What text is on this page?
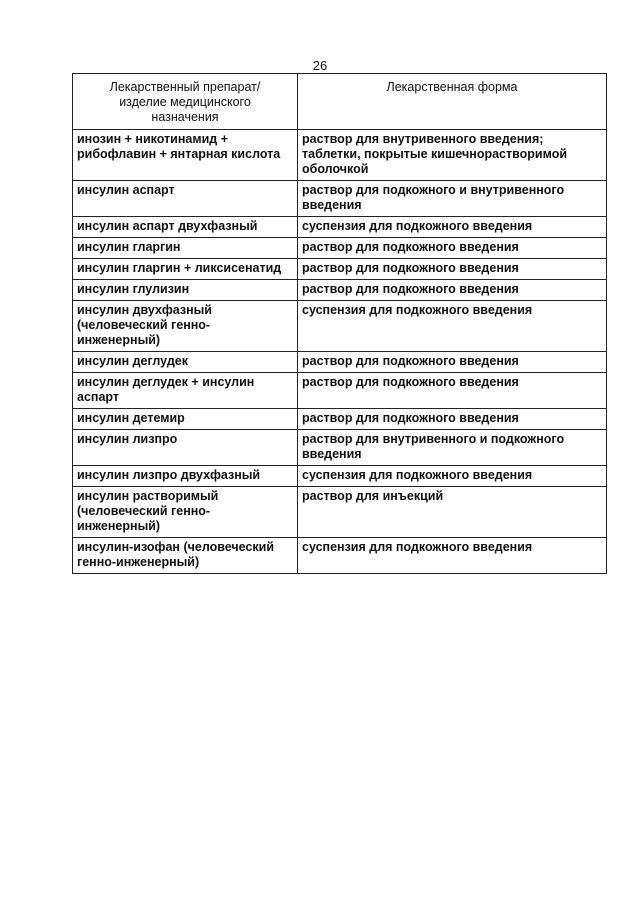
26
Лекарственный препарат/
изделие медицинского
назначения	Лекарственная форма
инозин + никотинамид +
рибофлавин + янтарная кислота	раствор для внутривенного введения;
таблетки, покрытые кишечнорастворимой
оболочкой
инсулин аспарт	раствор для подкожного и внутривенного
введения
инсулин аспарт двухфазный	суспензия для подкожного введения
инсулин гларгин	раствор для подкожного введения
инсулин гларгин + ликсисенатид	раствор для подкожного введения
инсулин глулизин	раствор для подкожного введения
инсулин двухфазный
(человеческий генно-
инженерный)	суспензия для подкожного введения
инсулин деглудек	раствор для подкожного введения
инсулин деглудек + инсулин
аспарт	раствор для подкожного введения
инсулин детемир	раствор для подкожного введения
инсулин лизпро	раствор для внутривенного и подкожного
введения
инсулин лизпро двухфазный	суспензия для подкожного введения
инсулин растворимый
(человеческий генно-
инженерный)	раствор для инъекций
инсулин-изофан (человеческий
генно-инженерный)	суспензия для подкожного введения
